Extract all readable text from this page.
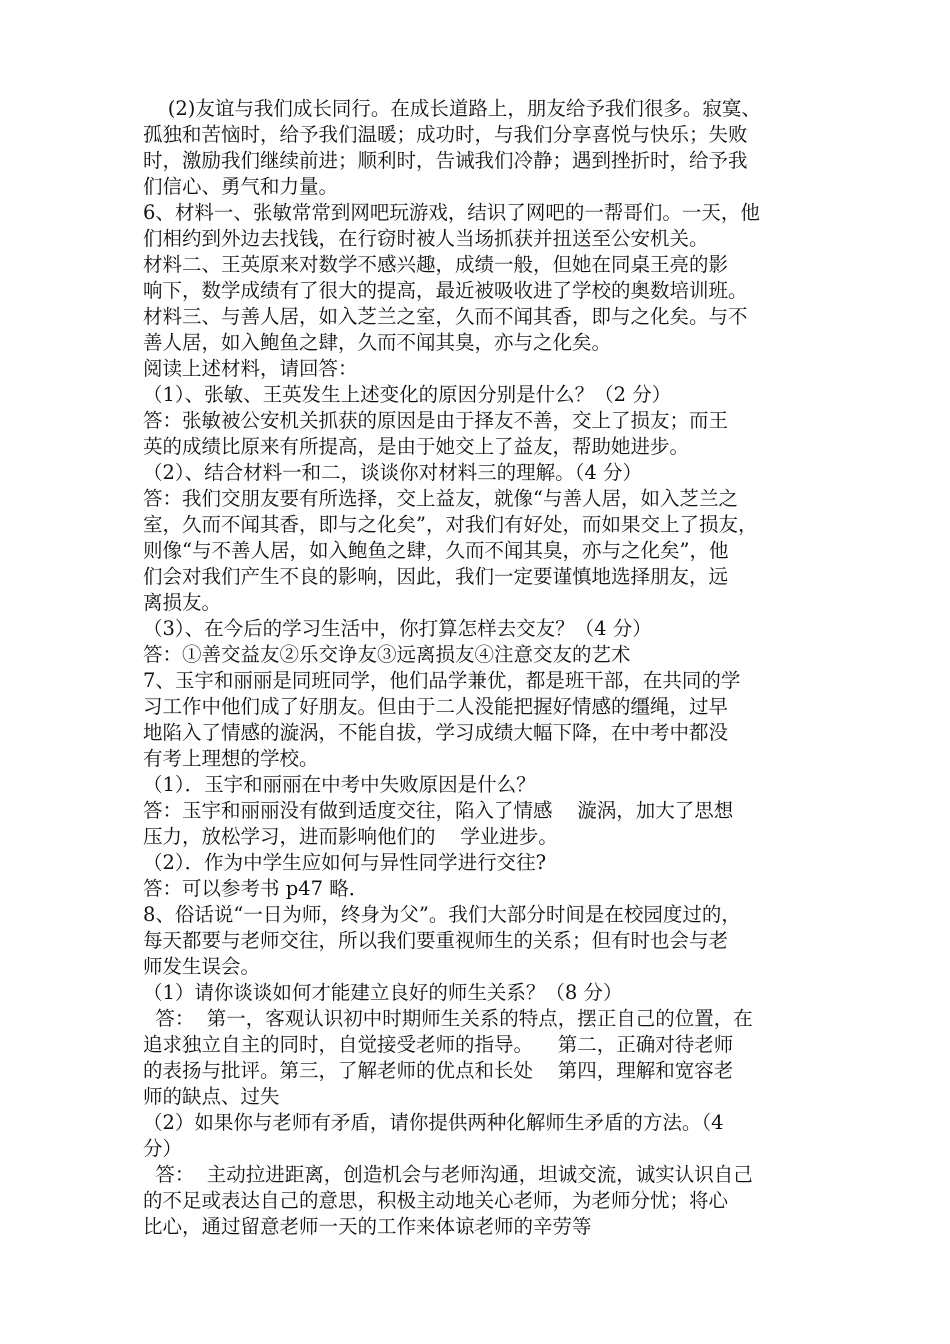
(2)友谊与我们成长同行。在成长道路上，朋友给予我们很多。寂寞、
孤独和苦恼时，给予我们温暖；成功时，与我们分享喜悦与快乐；失败
时，激励我们继续前进；顺利时，告诫我们冷静；遇到挫折时，给予我
们信心、勇气和力量。
6、材料一、张敏常常到网吧玩游戏，结识了网吧的一帮哥们。一天，他
们相约到外边去找钱，在行窃时被人当场抓获并扭送至公安机关。
材料二、王英原来对数学不感兴趣，成绩一般，但她在同桌王亮的影
响下，数学成绩有了很大的提高，最近被吸收进了学校的奥数培训班。
材料三、与善人居，如入芝兰之室，久而不闻其香，即与之化矣。与不
善人居，如入鲍鱼之肆，久而不闻其臭，亦与之化矣。
阅读上述材料，请回答：
（1）、张敏、王英发生上述变化的原因分别是什么？（2 分）
答：张敏被公安机关抓获的原因是由于择友不善，交上了损友；而王
英的成绩比原来有所提高，是由于她交上了益友，帮助她进步。
（2）、结合材料一和二，谈谈你对材料三的理解。（4 分）
答：我们交朋友要有所选择，交上益友，就像“与善人居，如入芝兰之
室，久而不闻其香，即与之化矣”，对我们有好处，而如果交上了损友，
则像“与不善人居，如入鲍鱼之肆，久而不闻其臭，亦与之化矣”，他
们会对我们产生不良的影响，因此，我们一定要谨慎地选择朋友，远
离损友。
（3）、在今后的学习生活中，你打算怎样去交友？（4 分）
答：①善交益友②乐交诤友③远离损友④注意交友的艺术
7、玉宇和丽丽是同班同学，他们品学兼优，都是班干部，在共同的学
习工作中他们成了好朋友。但由于二人没能把握好情感的缰绳，过早
地陷入了情感的漩涡，不能自拔，学习成绩大幅下降，在中考中都没
有考上理想的学校。
（1）．玉宇和丽丽在中考中失败原因是什么？
答：玉宇和丽丽没有做到适度交往，陷入了情感    漩涡，加大了思想
压力，放松学习，进而影响他们的    学业进步。
（2）．作为中学生应如何与异性同学进行交往?
答：可以参考书 p47 略．
8、俗话说“一日为师，终身为父”。我们大部分时间是在校园度过的，
每天都要与老师交往，所以我们要重视师生的关系；但有时也会与老
师发生误会。
（1）请你谈谈如何才能建立良好的师生关系？（8 分）
答：  第一，客观认识初中时期师生关系的特点，摆正自己的位置，在
追求独立自主的同时，自觉接受老师的指导。    第二，正确对待老师
的表扬与批评。第三，了解老师的优点和长处    第四，理解和宽容老
师的缺点、过失
（2）如果你与老师有矛盾，请你提供两种化解师生矛盾的方法。（4
分）
答：  主动拉进距离，创造机会与老师沟通，坦诚交流，诚实认识自己
的不足或表达自己的意思，积极主动地关心老师，为老师分忧；将心
比心，通过留意老师一天的工作来体谅老师的辛劳等
